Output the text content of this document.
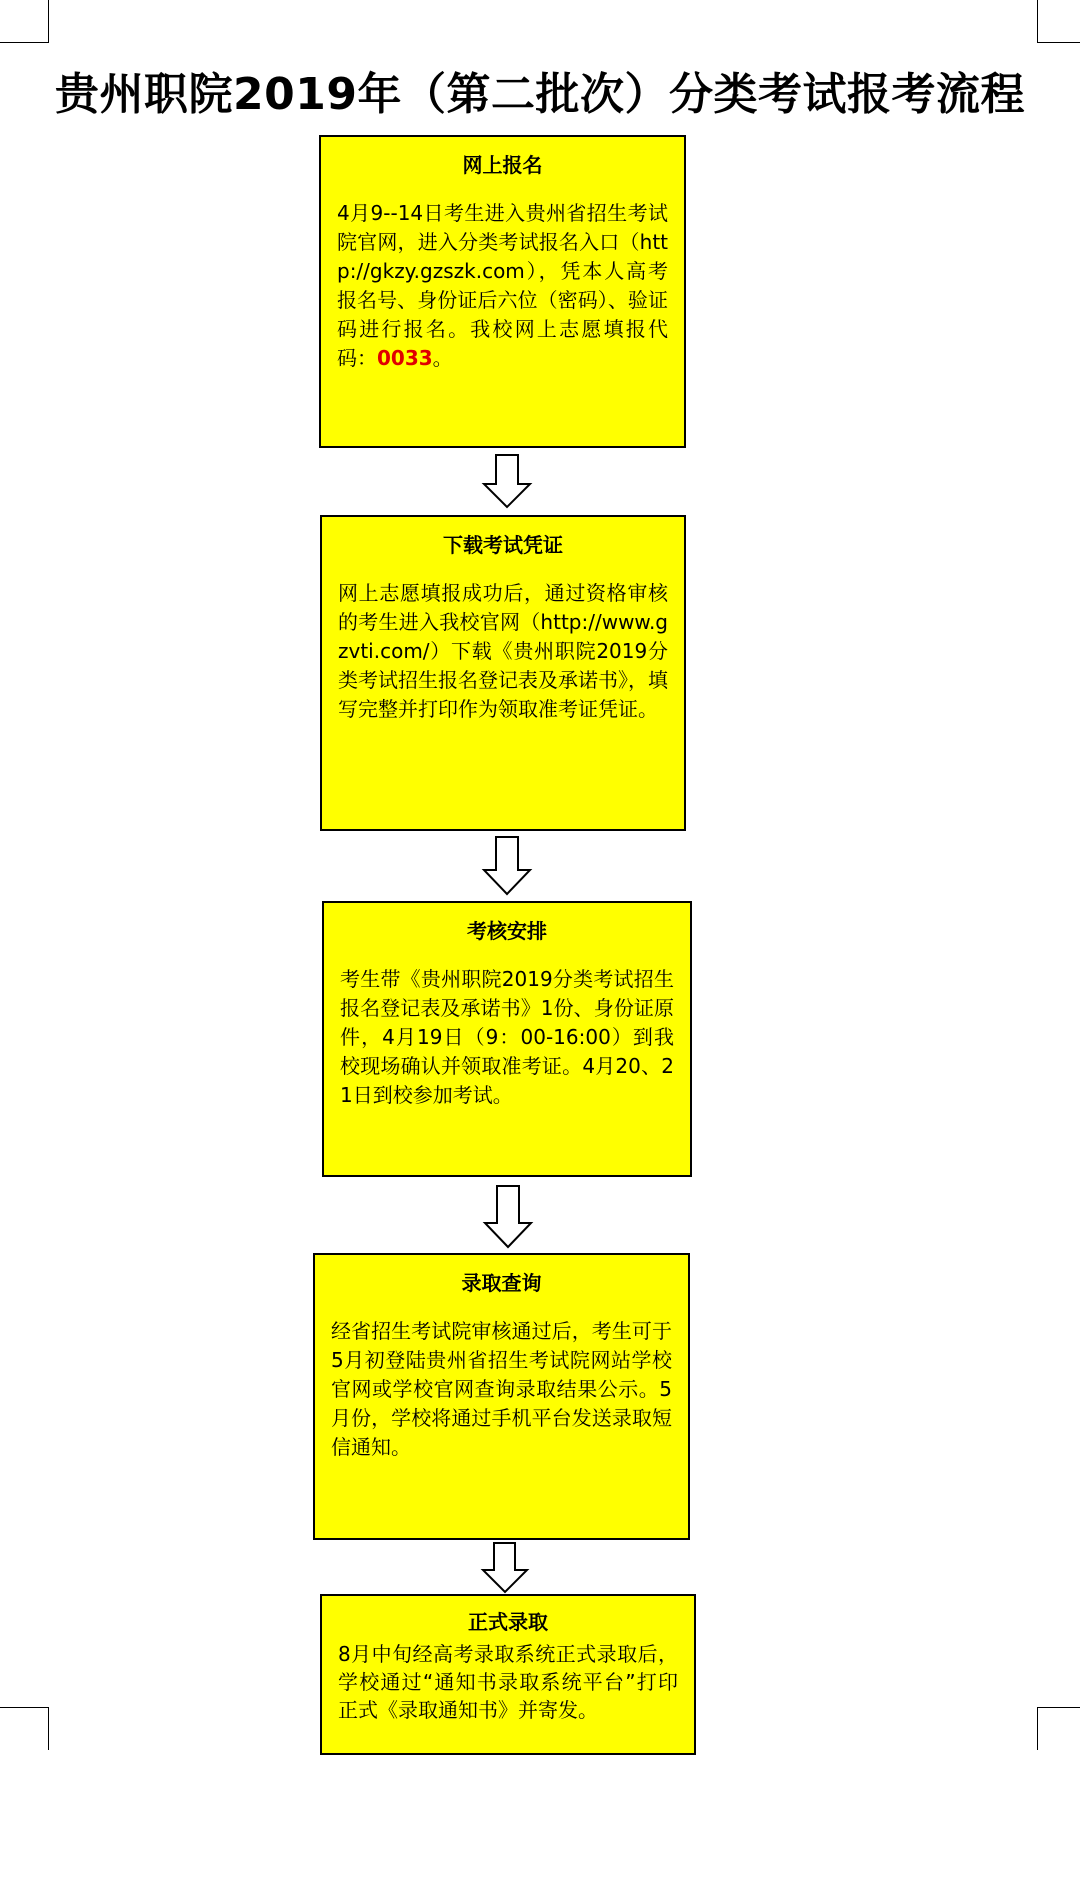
贵州职院2019年（第二批次）分类考试报考流程
网上报名
4月9--14日考生进入贵州省招生考试院官网，进入分类考试报名入口（http://gkzy.gzszk.com），凭本人高考报名号、身份证后六位（密码）、验证码进行报名。我校网上志愿填报代码：0033。
下载考试凭证
网上志愿填报成功后，通过资格审核的考生进入我校官网（http://www.gzvti.com/）下载《贵州职院2019分类考试招生报名登记表及承诺书》，填写完整并打印作为领取准考证凭证。
考核安排
考生带《贵州职院2019分类考试招生报名登记表及承诺书》1份、身份证原件，4月19日（9：00-16:00）到我校现场确认并领取准考证。4月20、21日到校参加考试。
录取查询
经省招生考试院审核通过后，考生可于5月初登陆贵州省招生考试院网站学校官网或学校官网查询录取结果公示。5月份，学校将通过手机平台发送录取短信通知。
正式录取
8月中旬经高考录取系统正式录取后，学校通过“通知书录取系统平台”打印正式《录取通知书》并寄发。
